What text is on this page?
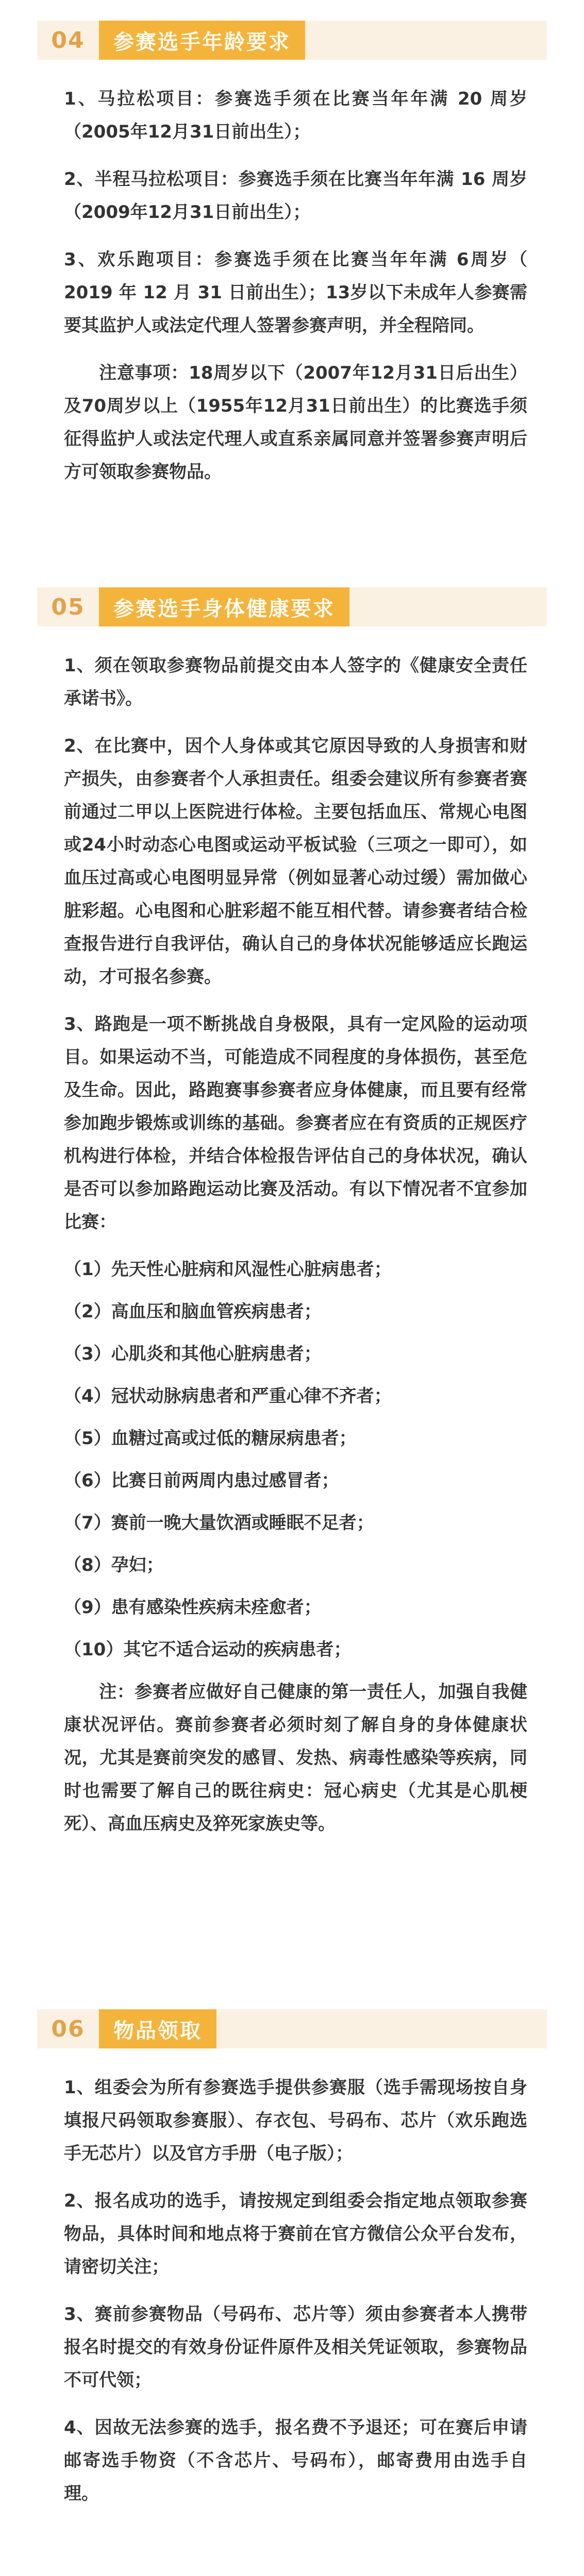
04	参赛选手年龄要求

1、马拉松项目：参赛选手须在比赛当年年满 20 周岁（2005年12月31日前出生）；

2、半程马拉松项目：参赛选手须在比赛当年年满 16 周岁（2009年12月31日前出生）；

3、欢乐跑项目：参赛选手须在比赛当年年满 6周岁（ 2019 年 12 月 31 日前出生）；13岁以下未成年人参赛需要其监护人或法定代理人签署参赛声明，并全程陪同。

注意事项：18周岁以下（2007年12月31日后出生）及70周岁以上（1955年12月31日前出生）的比赛选手须征得监护人或法定代理人或直系亲属同意并签署参赛声明后方可领取参赛物品。

05	参赛选手身体健康要求

1、须在领取参赛物品前提交由本人签字的《健康安全责任承诺书》。

2、在比赛中，因个人身体或其它原因导致的人身损害和财产损失，由参赛者个人承担责任。组委会建议所有参赛者赛前通过二甲以上医院进行体检。主要包括血压、常规心电图或24小时动态心电图或运动平板试验（三项之一即可），如血压过高或心电图明显异常（例如显著心动过缓）需加做心脏彩超。心电图和心脏彩超不能互相代替。请参赛者结合检查报告进行自我评估，确认自己的身体状况能够适应长跑运动，才可报名参赛。

3、路跑是一项不断挑战自身极限，具有一定风险的运动项目。如果运动不当，可能造成不同程度的身体损伤，甚至危及生命。因此，路跑赛事参赛者应身体健康，而且要有经常参加跑步锻炼或训练的基础。参赛者应在有资质的正规医疗机构进行体检，并结合体检报告评估自己的身体状况，确认是否可以参加路跑运动比赛及活动。有以下情况者不宜参加比赛：

（1）先天性心脏病和风湿性心脏病患者；

（2）高血压和脑血管疾病患者；

（3）心肌炎和其他心脏病患者；

（4）冠状动脉病患者和严重心律不齐者；

（5）血糖过高或过低的糖尿病患者；

（6）比赛日前两周内患过感冒者；

（7）赛前一晚大量饮酒或睡眠不足者；

（8）孕妇；

（9）患有感染性疾病未痊愈者；

（10）其它不适合运动的疾病患者；

注：参赛者应做好自己健康的第一责任人，加强自我健康状况评估。赛前参赛者必须时刻了解自身的身体健康状况，尤其是赛前突发的感冒、发热、病毒性感染等疾病，同时也需要了解自己的既往病史：冠心病史（尤其是心肌梗死）、高血压病史及猝死家族史等。

06	物品领取

1、组委会为所有参赛选手提供参赛服（选手需现场按自身填报尺码领取参赛服）、存衣包、号码布、芯片（欢乐跑选手无芯片）以及官方手册（电子版）；

2、报名成功的选手，请按规定到组委会指定地点领取参赛物品，具体时间和地点将于赛前在官方微信公众平台发布，请密切关注；

3、赛前参赛物品（号码布、芯片等）须由参赛者本人携带报名时提交的有效身份证件原件及相关凭证领取，参赛物品不可代领；

4、因故无法参赛的选手，报名费不予退还；可在赛后申请邮寄选手物资（不含芯片、号码布），邮寄费用由选手自理。
